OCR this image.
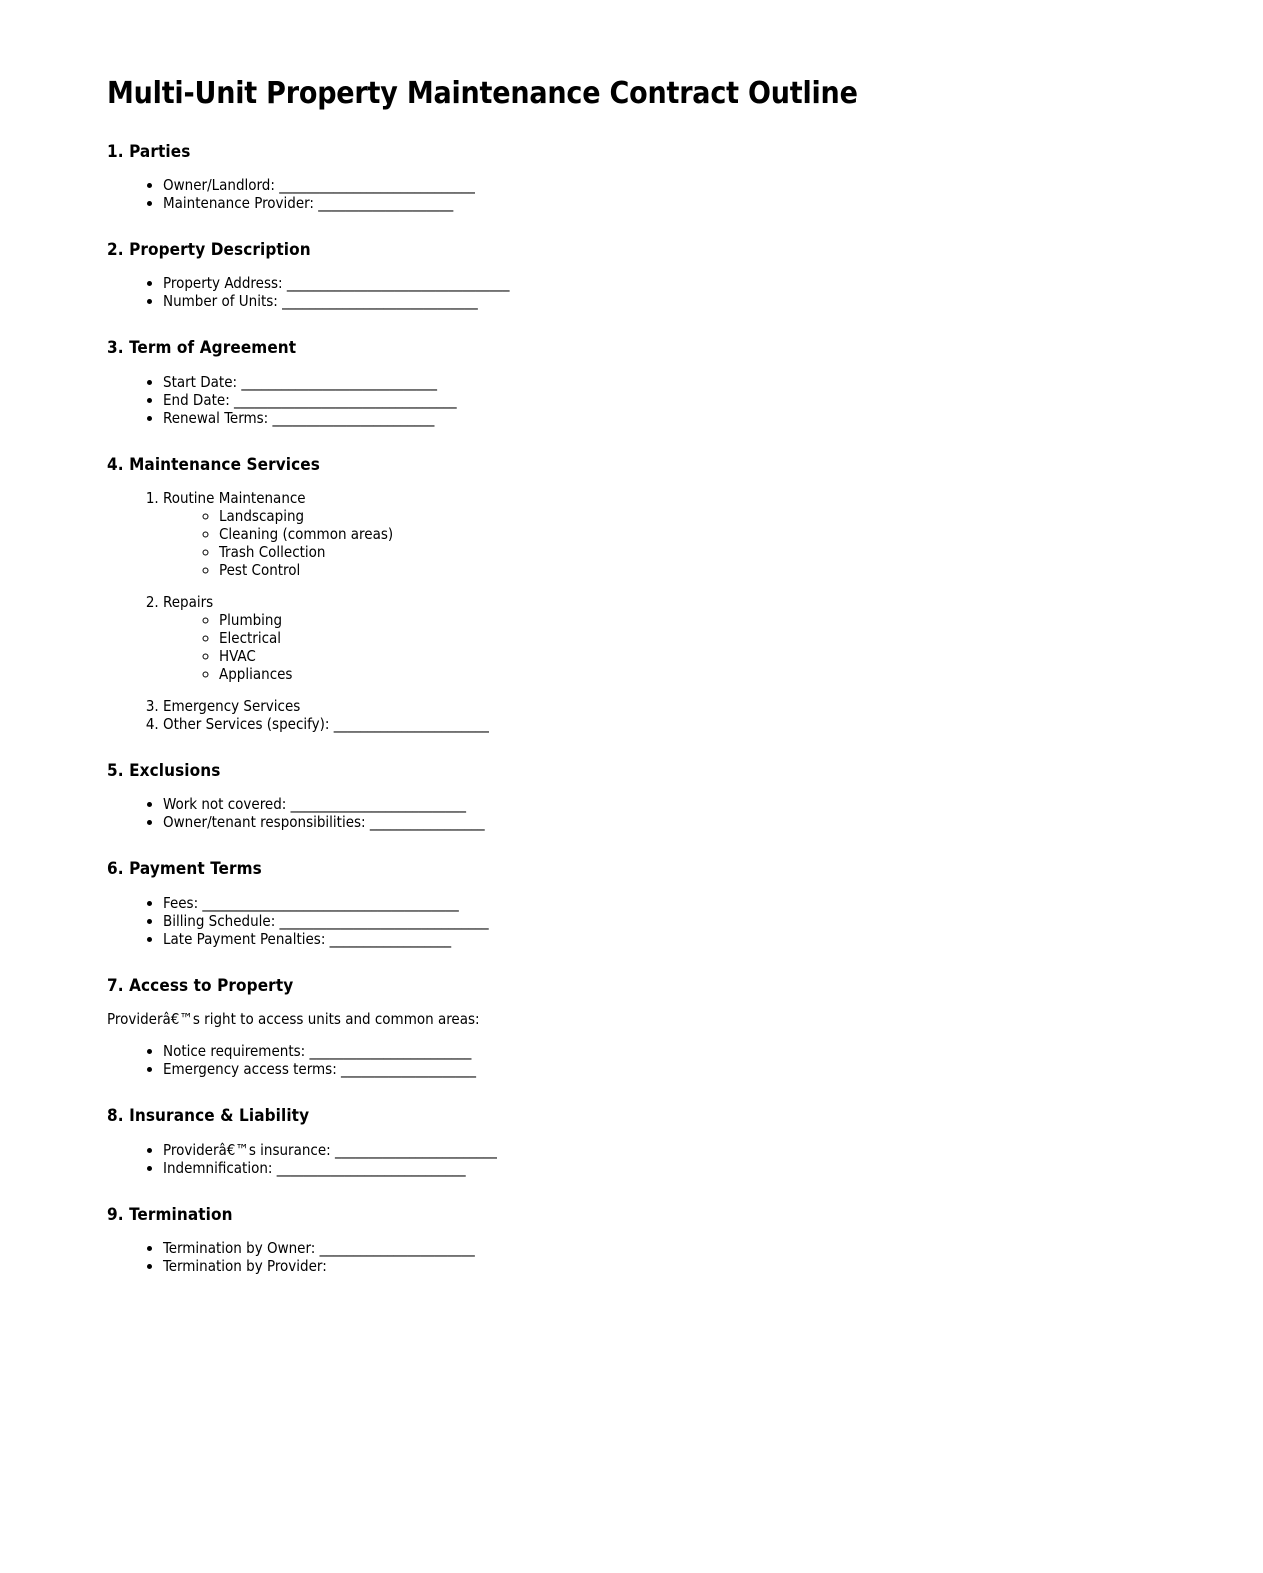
Multi-Unit Property Maintenance Contract Outline
1. Parties
• Owner/Landlord: _____________________________
• Maintenance Provider: ____________________
2. Property Description
• Property Address: _________________________________
• Number of Units: _____________________________
3. Term of Agreement
• Start Date: _____________________________
• End Date: _________________________________
• Renewal Terms: ________________________
4. Maintenance Services
1. Routine Maintenance
◦ Landscaping
◦ Cleaning (common areas)
◦ Trash Collection
◦ Pest Control
2. Repairs
◦ Plumbing
◦ Electrical
◦ HVAC
◦ Appliances
3. Emergency Services
4. Other Services (specify): _______________________
5. Exclusions
• Work not covered: __________________________
• Owner/tenant responsibilities: _________________
6. Payment Terms
• Fees: ______________________________________
• Billing Schedule: _______________________________
• Late Payment Penalties: __________________
7. Access to Property

Providerâ€™s right to access units and common areas:

• Notice requirements: ________________________
• Emergency access terms: ____________________
8. Insurance & Liability
• Providerâ€™s insurance: ________________________
• Indemnification: ____________________________
9. Termination
• Termination by Owner: _______________________
• Termination by Provider:
